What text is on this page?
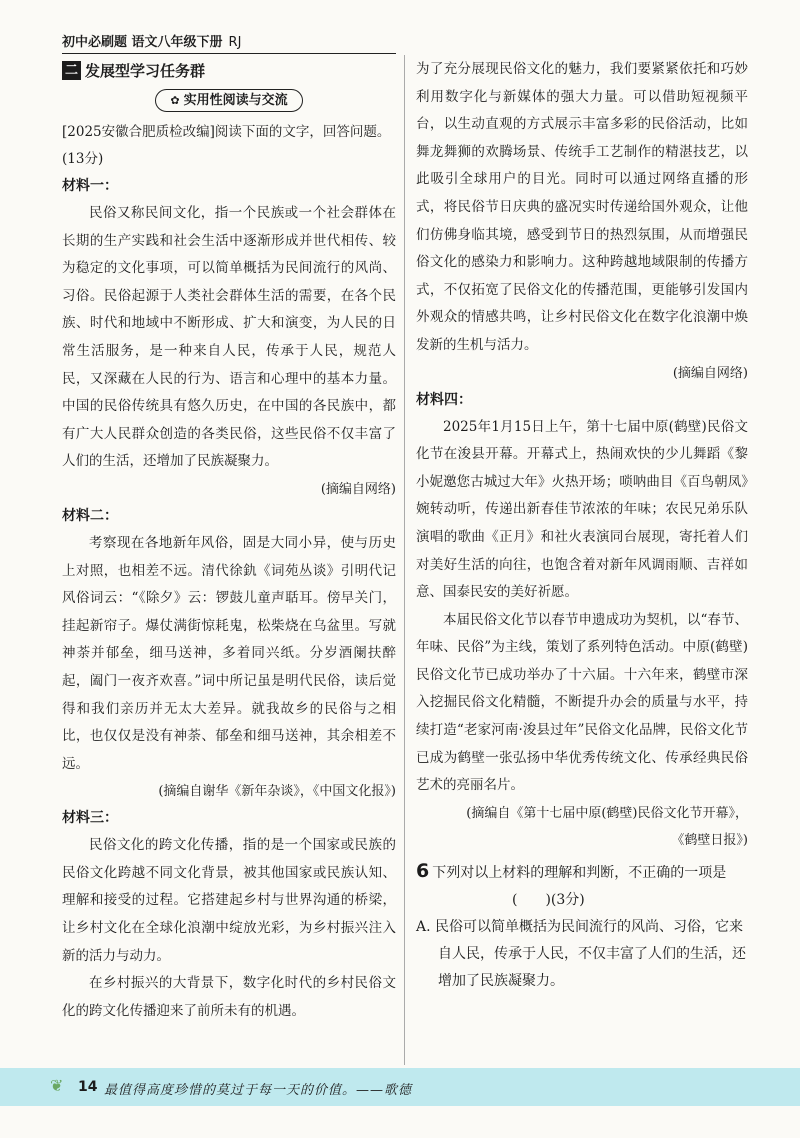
初中必刷题 语文八年级下册 RJ
二 发展型学习任务群
✿ 实用性阅读与交流

[2025安徽合肥质检改编]阅读下面的文字，回答问题。(13分)

材料一：

民俗又称民间文化，指一个民族或一个社会群体在长期的生产实践和社会生活中逐渐形成并世代相传、较为稳定的文化事项，可以简单概括为民间流行的风尚、习俗。民俗起源于人类社会群体生活的需要，在各个民族、时代和地域中不断形成、扩大和演变，为人民的日常生活服务，是一种来自人民，传承于人民，规范人民，又深藏在人民的行为、语言和心理中的基本力量。中国的民俗传统具有悠久历史，在中国的各民族中，都有广大人民群众创造的各类民俗，这些民俗不仅丰富了人们的生活，还增加了民族凝聚力。

(摘编自网络)

材料二：

考察现在各地新年风俗，固是大同小异，使与历史上对照，也相差不远。清代徐釚《词苑丛谈》引明代记风俗词云：“《除夕》云：锣鼓儿童声聒耳。傍早关门，挂起新帘子。爆仗满街惊耗鬼，松柴烧在乌盆里。写就神荼并郁垒，细马送神，多着同兴纸。分岁酒阑扶醉起，阖门一夜齐欢喜。”词中所记虽是明代民俗，读后觉得和我们亲历并无太大差异。就我故乡的民俗与之相比，也仅仅是没有神荼、郁垒和细马送神，其余相差不远。

(摘编自谢华《新年杂谈》，《中国文化报》)

材料三：

民俗文化的跨文化传播，指的是一个国家或民族的民俗文化跨越不同文化背景，被其他国家或民族认知、理解和接受的过程。它搭建起乡村与世界沟通的桥梁，让乡村文化在全球化浪潮中绽放光彩，为乡村振兴注入新的活力与动力。

在乡村振兴的大背景下，数字化时代的乡村民俗文化的跨文化传播迎来了前所未有的机遇。

为了充分展现民俗文化的魅力，我们要紧紧依托和巧妙利用数字化与新媒体的强大力量。可以借助短视频平台，以生动直观的方式展示丰富多彩的民俗活动，比如舞龙舞狮的欢腾场景、传统手工艺制作的精湛技艺，以此吸引全球用户的目光。同时可以通过网络直播的形式，将民俗节日庆典的盛况实时传递给国外观众，让他们仿佛身临其境，感受到节日的热烈氛围，从而增强民俗文化的感染力和影响力。这种跨越地域限制的传播方式，不仅拓宽了民俗文化的传播范围，更能够引发国内外观众的情感共鸣，让乡村民俗文化在数字化浪潮中焕发新的生机与活力。

(摘编自网络)

材料四：

2025年1月15日上午，第十七届中原(鹤壁)民俗文化节在浚县开幕。开幕式上，热闹欢快的少儿舞蹈《黎小妮邀您古城过大年》火热开场；唢呐曲目《百鸟朝凤》婉转动听，传递出新春佳节浓浓的年味；农民兄弟乐队演唱的歌曲《正月》和社火表演同台展现，寄托着人们对美好生活的向往，也饱含着对新年风调雨顺、吉祥如意、国泰民安的美好祈愿。

本届民俗文化节以春节申遗成功为契机，以“春节、年味、民俗”为主线，策划了系列特色活动。中原(鹤壁)民俗文化节已成功举办了十六届。十六年来，鹤壁市深入挖掘民俗文化精髓，不断提升办会的质量与水平，持续打造“老家河南·浚县过年”民俗文化品牌，民俗文化节已成为鹤壁一张弘扬中华优秀传统文化、传承经典民俗艺术的亮丽名片。

(摘编自《第十七届中原(鹤壁)民俗文化节开幕》，

《鹤壁日报》)

6 下列对以上材料的理解和判断，不正确的一项是(　　)(3分)

A. 民俗可以简单概括为民间流行的风尚、习俗，它来自人民，传承于人民，不仅丰富了人们的生活，还增加了民族凝聚力。

❦ 14 最值得高度珍惜的莫过于每一天的价值。——歌德
